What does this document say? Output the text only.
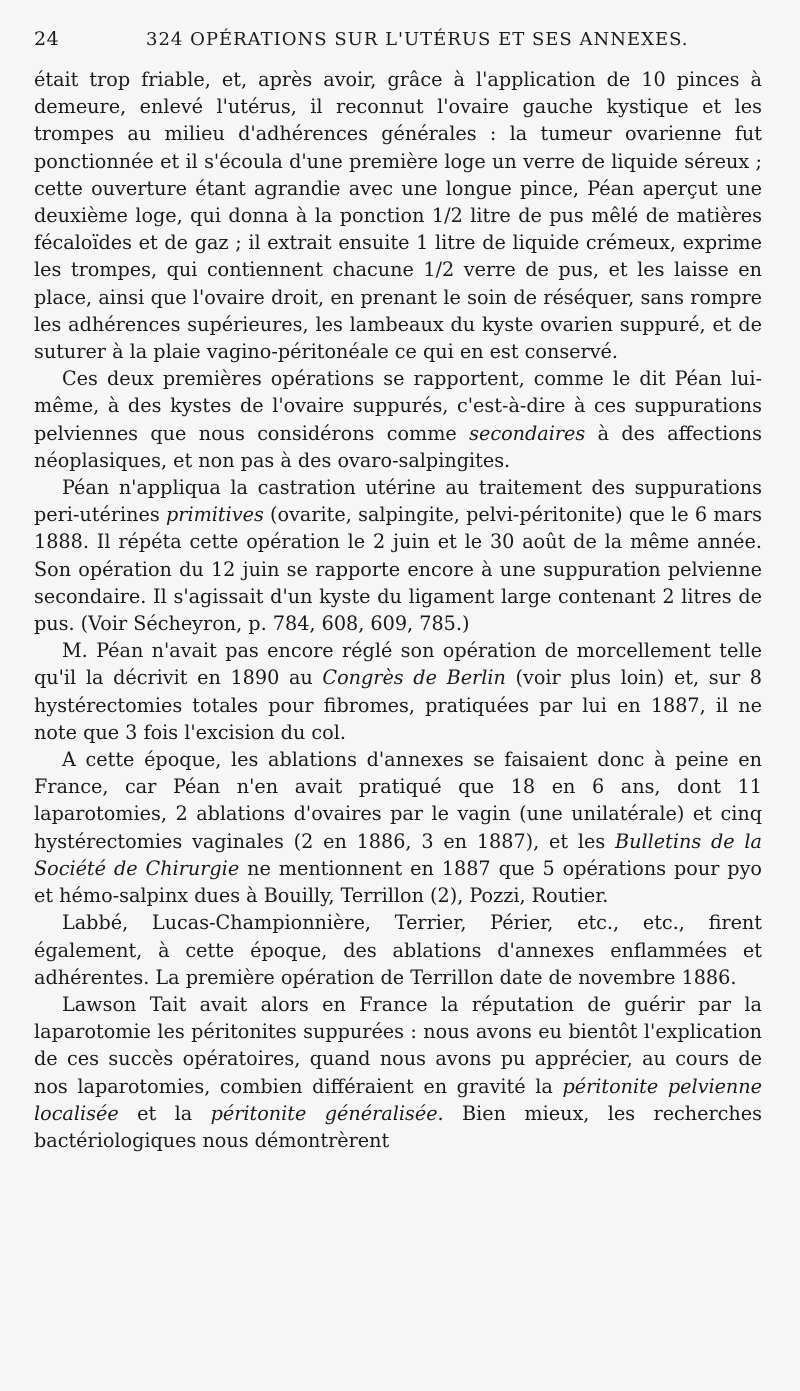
24	324 OPÉRATIONS SUR L'UTÉRUS ET SES ANNEXES.

était trop friable, et, après avoir, grâce à l'application de 10 pinces à demeure, enlevé l'utérus, il reconnut l'ovaire gauche kystique et les trompes au milieu d'adhérences générales : la tumeur ovarienne fut ponctionnée et il s'écoula d'une première loge un verre de liquide séreux ; cette ouverture étant agrandie avec une longue pince, Péan aperçut une deuxième loge, qui donna à la ponction 1/2 litre de pus mêlé de matières fécaloïdes et de gaz ; il extrait ensuite 1 litre de liquide crémeux, exprime les trompes, qui contiennent chacune 1/2 verre de pus, et les laisse en place, ainsi que l'ovaire droit, en prenant le soin de réséquer, sans rompre les adhérences supérieures, les lambeaux du kyste ovarien suppuré, et de suturer à la plaie vagino-péritonéale ce qui en est conservé.

Ces deux premières opérations se rapportent, comme le dit Péan lui-même, à des kystes de l'ovaire suppurés, c'est-à-dire à ces suppurations pelviennes que nous considérons comme secondaires à des affections néoplasiques, et non pas à des ovaro-salpingites.

Péan n'appliqua la castration utérine au traitement des suppurations peri-utérines primitives (ovarite, salpingite, pelvi-péritonite) que le 6 mars 1888. Il répéta cette opération le 2 juin et le 30 août de la même année. Son opération du 12 juin se rapporte encore à une suppuration pelvienne secondaire. Il s'agissait d'un kyste du ligament large contenant 2 litres de pus. (Voir Sécheyron, p. 784, 608, 609, 785.)

M. Péan n'avait pas encore réglé son opération de morcellement telle qu'il la décrivit en 1890 au Congrès de Berlin (voir plus loin) et, sur 8 hystérectomies totales pour fibromes, pratiquées par lui en 1887, il ne note que 3 fois l'excision du col.

A cette époque, les ablations d'annexes se faisaient donc à peine en France, car Péan n'en avait pratiqué que 18 en 6 ans, dont 11 laparotomies, 2 ablations d'ovaires par le vagin (une unilatérale) et cinq hystérectomies vaginales (2 en 1886, 3 en 1887), et les Bulletins de la Société de Chirurgie ne mentionnent en 1887 que 5 opérations pour pyo et hémo-salpinx dues à Bouilly, Terrillon (2), Pozzi, Routier.

Labbé, Lucas-Championnière, Terrier, Périer, etc., etc., firent également, à cette époque, des ablations d'annexes enflammées et adhérentes. La première opération de Terrillon date de novembre 1886.

Lawson Tait avait alors en France la réputation de guérir par la laparotomie les péritonites suppurées : nous avons eu bientôt l'explication de ces succès opératoires, quand nous avons pu apprécier, au cours de nos laparotomies, combien différaient en gravité la péritonite pelvienne localisée et la péritonite généralisée. Bien mieux, les recherches bactériologiques nous démontrèrent
